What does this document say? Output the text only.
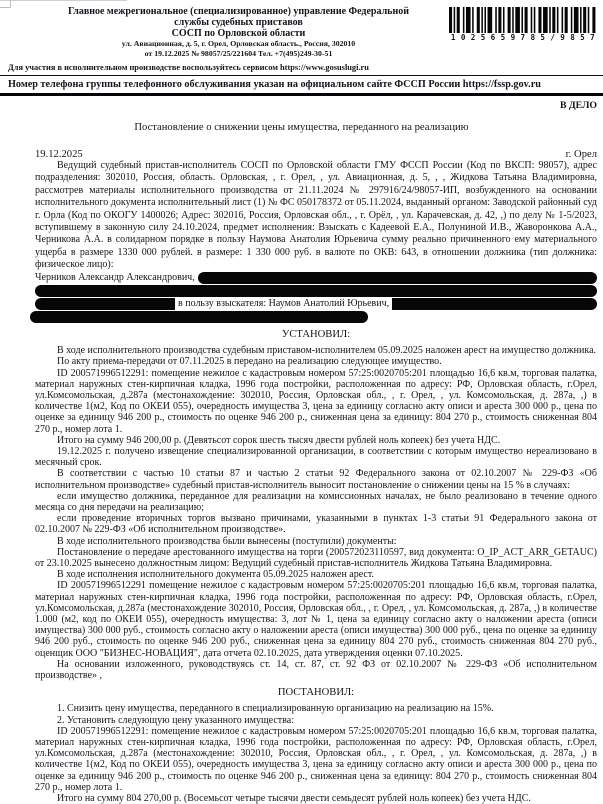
Главное межрегиональное (специализированное) управление Федеральной
службы судебных приставов
СОСП по Орловской области
ул. Авиационная, д. 5, г. Орел, Орловская область., Россия, 302010
от 19.12.2025 № 98057/25/221604 Тел. +7(495)249-30-51
1 0 2 5 6 5 9 7 8 5 / 9 8 5 7
Для участия в исполнительном производстве воспользуйтесь сервисом https://www.gosuslugi.ru
Номер телефона группы телефонного обслуживания указан на официальном сайте ФССП России https://fssp.gov.ru
В ДЕЛО
Постановление о снижении цены имущества, переданного на реализацию
19.12.2025	г. Орел

Ведущий судебный пристав-исполнитель СОСП по Орловской области ГМУ ФССП России (Код по ВКСП: 98057), адрес подразделения: 302010, Россия, область. Орловская, , г. Орел, , ул. Авиационная, д. 5, , , Жидкова Татьяна Владимировна, рассмотрев материалы исполнительного производства от 21.11.2024 № 297916/24/98057-ИП, возбужденного на основании исполнительного документа исполнительный лист (1) № ФС 050178372 от 05.11.2024, выданный органом: Заводской районный суд г. Орла (Код по ОКОГУ 1400026; Адрес: 302016, Россия, Орловская обл., , г. Орёл, , ул. Карачевская, д. 42, ,) по делу № 1-5/2023, вступившему в законную силу 24.10.2024, предмет исполнения: Взыскать с Кадеевой Е.А., Полуниной И.В., Жаворонкова А.А., Черникова А.А. в солидарном порядке в пользу Наумова Анатолия Юрьевича сумму реально причиненного ему материального ущерба в размере 1330 000 рублей. в размере: 1 330 000 руб. в валюте по ОКВ: 643, в отношении должника (тип должника: физическое лицо):

Черников Александр Александрович,
в пользу взыскателя: Наумов Анатолий Юрьевич,
УСТАНОВИЛ:

В ходе исполнительного производства судебным приставом-исполнителем 05.09.2025 наложен арест на имущество должника.

По акту приема-передачи от 07.11.2025 в передано на реализацию следующее имущество.

ID 200571996512291: помещение нежилое с кадастровым номером 57:25:0020705:201 площадью 16,6 кв.м, торговая палатка, материал наружных стен-кирпичная кладка, 1996 года постройки, расположенная по адресу: РФ, Орловская область, г.Орел, ул.Комсомольская, д.287а (местонахождение: 302010, Россия, Орловская обл., , г. Орел, , ул. Комсомольская, д. 287а, ,) в количестве 1(м2, Код по ОКЕИ 055), очередность имущества 3, цена за единицу согласно акту описи и ареста 300 000 р., цена по оценке за единицу 946 200 р., стоимость по оценке 946 200 р., сниженная цена за единицу: 804 270 р., стоимость сниженная 804 270 р., номер лота 1.

Итого на сумму 946 200,00 р. (Девятьсот сорок шесть тысяч двести рублей ноль копеек) без учета НДС.

19.12.2025 г. получено извещение специализированной организации, в соответствии с которым имущество нереализовано в месячный срок.

В соответствии с частью 10 статьи 87 и частью 2 статьи 92 Федерального закона от 02.10.2007 № 229-ФЗ «Об исполнительном производстве» судебный пристав-исполнитель выносит постановление о снижении цены на 15 % в случаях:

если имущество должника, переданное для реализации на комиссионных началах, не было реализовано в течение одного месяца со дня передачи на реализацию;

если проведение вторичных торгов вызвано причинами, указанными в пунктах 1-3 статьи 91 Федерального закона от 02.10.2007 № 229-ФЗ «Об исполнительном производстве».

В ходе исполнительного производства были вынесены (поступили) документы:

Постановление о передаче арестованного имущества на торги (200572023110597, вид документа: O_IP_ACT_ARR_GETAUC) от 23.10.2025 вынесено должностным лицом: Ведущий судебный пристав-исполнитель Жидкова Татьяна Владимировна.

В ходе исполнения исполнительного документа 05.09.2025 наложен арест.

ID 200571996512291 помещение нежилое с кадастровым номером 57:25:0020705:201 площадью 16,6 кв.м, торговая палатка, материал наружных стен-кирпичная кладка, 1996 года постройки, расположенная по адресу: РФ, Орловская область, г.Орел, ул.Комсомольская, д.287а (местонахождение 302010, Россия, Орловская обл., , г. Орел, , ул. Комсомольская, д. 287а, ,) в количестве 1.000 (м2, код по ОКЕИ 055), очередность имущества: 3, лот № 1, цена за единицу согласно акту о наложении ареста (описи имущества) 300 000 руб., стоимость согласно акту о наложении ареста (описи имущества) 300 000 руб., цена по оценке за единицу 946 200 руб., стоимость по оценке 946 200 руб., сниженная цена за единицу 804 270 руб., стоимость сниженная 804 270 руб., оценщик ООО "БИЗНЕС-НОВАЦИЯ", дата отчета 02.10.2025, дата утверждения оценки 07.10.2025.

На основании изложенного, руководствуясь ст. 14, ст. 87, ст. 92 ФЗ от 02.10.2007 № 229-ФЗ «Об исполнительном производстве» ,

ПОСТАНОВИЛ:

1. Снизить цену имущества, переданного в специализированную организацию на реализацию на 15%.

2. Установить следующую цену указанного имущества:

ID 200571996512291: помещение нежилое с кадастровым номером 57:25:0020705:201 площадью 16,6 кв.м, торговая палатка, материал наружных стен-кирпичная кладка, 1996 года постройки, расположенная по адресу: РФ, Орловская область, г.Орел, ул.Комсомольская, д.287а (местонахождение: 302010, Россия, Орловская обл., , г. Орел, , ул. Комсомольская, д. 287а, ,) в количестве 1(м2, Код по ОКЕИ 055), очередность имущества 3, цена за единицу согласно акту описи и ареста 300 000 р., цена по оценке за единицу 946 200 р., стоимость по оценке 946 200 р., сниженная цена за единицу: 804 270 р., стоимость сниженная 804 270 р., номер лота 1.

Итого на сумму 804 270,00 р. (Восемьсот четыре тысячи двести семьдесят рублей ноль копеек) без учета НДС.
